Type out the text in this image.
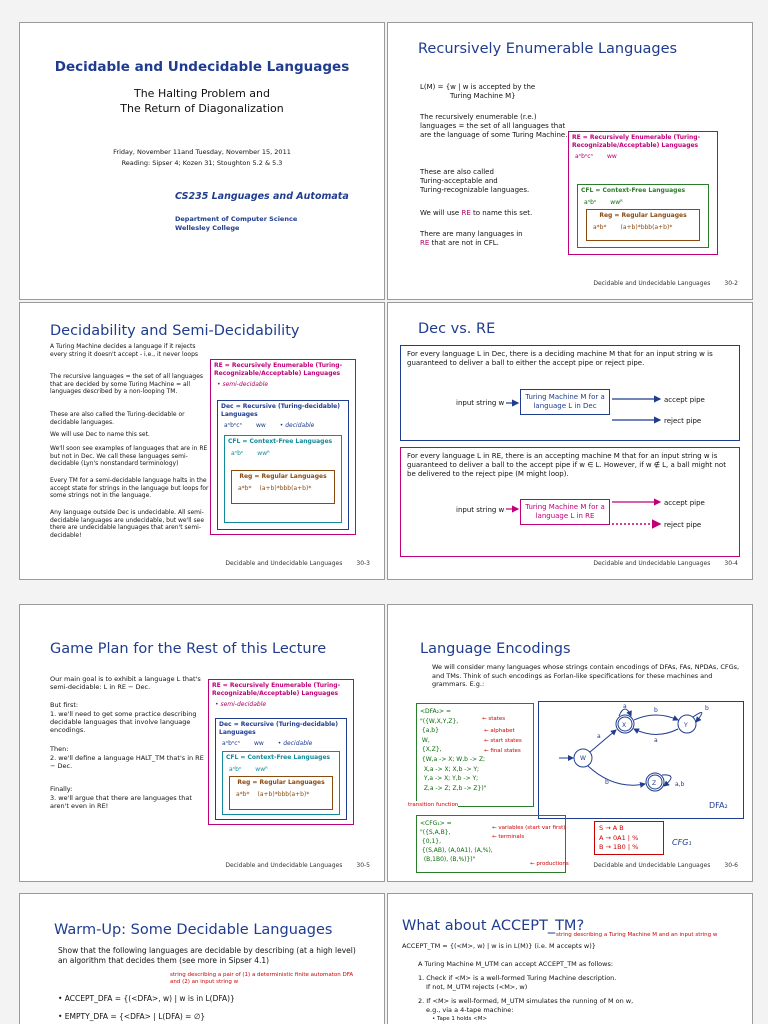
Decidable and Undecidable Languages
The Halting Problem and
The Return of Diagonalization
Friday, November 11and Tuesday, November 15, 2011
Reading: Sipser 4; Kozen 31; Stoughton 5.2 & 5.3
CS235 Languages and Automata
Department of Computer Science
Wellesley College
Recursively Enumerable Languages
L(M) = {w | w is accepted by the
Turing Machine M}
The recursively enumerable (r.e.) languages = the set of all languages that are the language of some Turing Machine.
These are also called
Turing-acceptable and
Turing-recognizable languages.
We will use RE to name this set.
There are many languages in
RE that are not in CFL.
RE = Recursively Enumerable (Turing-Recognizable/Acceptable) Languages
aⁿbⁿcⁿ ww
CFL = Context-Free Languages
aⁿbⁿ wwᴿ
Reg = Regular Languages
a*b* (a+b)*bbb(a+b)*
Decidable and Undecidable Languages 30-2
Decidability and Semi-Decidability
A Turing Machine decides a language if it rejects every string it doesn't accept - i.e., it never loops
The recursive languages = the set of all languages that are decided by some Turing Machine = all languages described by a non-looping TM.
These are also called the Turing-decidable or decidable languages.
We will use Dec to name this set.
We'll soon see examples of languages that are in RE but not in Dec. We call these languages semi-decidable (Lyn's nonstandard terminology)
Every TM for a semi-decidable language halts in the accept state for strings in the language but loops for some strings not in the language.
Any language outside Dec is undecidable. All semi-decidable languages are undecidable, but we'll see there are undecidable languages that aren't semi-decidable!
RE = Recursively Enumerable (Turing-Recognizable/Acceptable) Languages
• semi-decidable
Dec = Recursive (Turing-decidable) Languages
aⁿbⁿcⁿ ww • decidable
CFL = Context-Free Languages
aⁿbⁿ wwᴿ
Reg = Regular Languages
a*b* (a+b)*bbb(a+b)*
Decidable and Undecidable Languages 30-3
Dec vs. RE
For every language L in Dec, there is a deciding machine M that for an input string w is guaranteed to deliver a ball to either the accept pipe or reject pipe.
input string w
Turing Machine M for a language L in Dec
accept pipe
reject pipe
For every language L in RE, there is an accepting machine M that for an input string w is guaranteed to deliver a ball to the accept pipe if w ∈ L. However, if w ∉ L, a ball might not be delivered to the reject pipe (M might loop).
input string w	Turing Machine M for a language L in RE
accept pipe
reject pipe
Decidable and Undecidable Languages 30-4
Game Plan for the Rest of this Lecture
Our main goal is to exhibit a language L that's semi-decidable: L in RE − Dec.
But first:
1. we'll need to get some practice describing decidable languages that involve language encodings.
Then:
2. we'll define a language HALT_TM that's in RE − Dec.
Finally:
3. we'll argue that there are languages that aren't even in RE!
RE = Recursively Enumerable (Turing-Recognizable/Acceptable) Languages
• semi-decidable
Dec = Recursive (Turing-decidable) Languages
aⁿbⁿcⁿ ww • decidable
CFL = Context-Free Languages
aⁿbⁿ wwᴿ
Reg = Regular Languages
a*b* (a+b)*bbb(a+b)*
Decidable and Undecidable Languages 30-5
Language Encodings
We will consider many languages whose strings contain encodings of DFAs, FAs, NPDAs, CFGs, and TMs. Think of such encodings as Forlan-like specifications for these machines and grammars. E.g.:
<DFA₂> =
"({W,X,Y,Z},
{a,b}
W,
{X,Z},
{W,a -> X; W,b -> Z;
X,a -> X; X,b -> Y;
Y,a -> X; Y,b -> Y;
Z,a -> Z; Z,b -> Z})"
← states
← alphabet
← start states
← final states
transition function
W
X	Y
Z
a
a
b
a
b
b
a,b
DFA₂
<CFG₁> =
"({S,A,B},
{0,1},
{(S,AB), (A,0A1), (A,%),
(B,1B0), (B,%)})"
← variables (start var first)
← terminals
← productions
S → A B
A → 0A1 | %
B → 1B0 | %	CFG₁
Decidable and Undecidable Languages 30-6
Warm-Up: Some Decidable Languages
Show that the following languages are decidable by describing (at a high level) an algorithm that decides them (see more in Sipser 4.1)
string describing a pair of (1) a deterministic finite automaton DFA and (2) an input string w
• ACCEPT_DFA = {(<DFA>, w) | w is in L(DFA)}
• EMPTY_DFA = {<DFA> | L(DFA) = ∅}
What about ACCEPT_TM?
string describing a Turing Machine M and an input string w
ACCEPT_TM = {(<M>, w) | w is in L(M)} (i.e. M accepts w)}
A Turing Machine M_UTM can accept ACCEPT_TM as follows:
1. Check if <M> is a well-formed Turing Machine description.
If not, M_UTM rejects (<M>, w)
2. If <M> is well-formed, M_UTM simulates the running of M on w,
e.g., via a 4-tape machine:
• Tape 1 holds <M>
